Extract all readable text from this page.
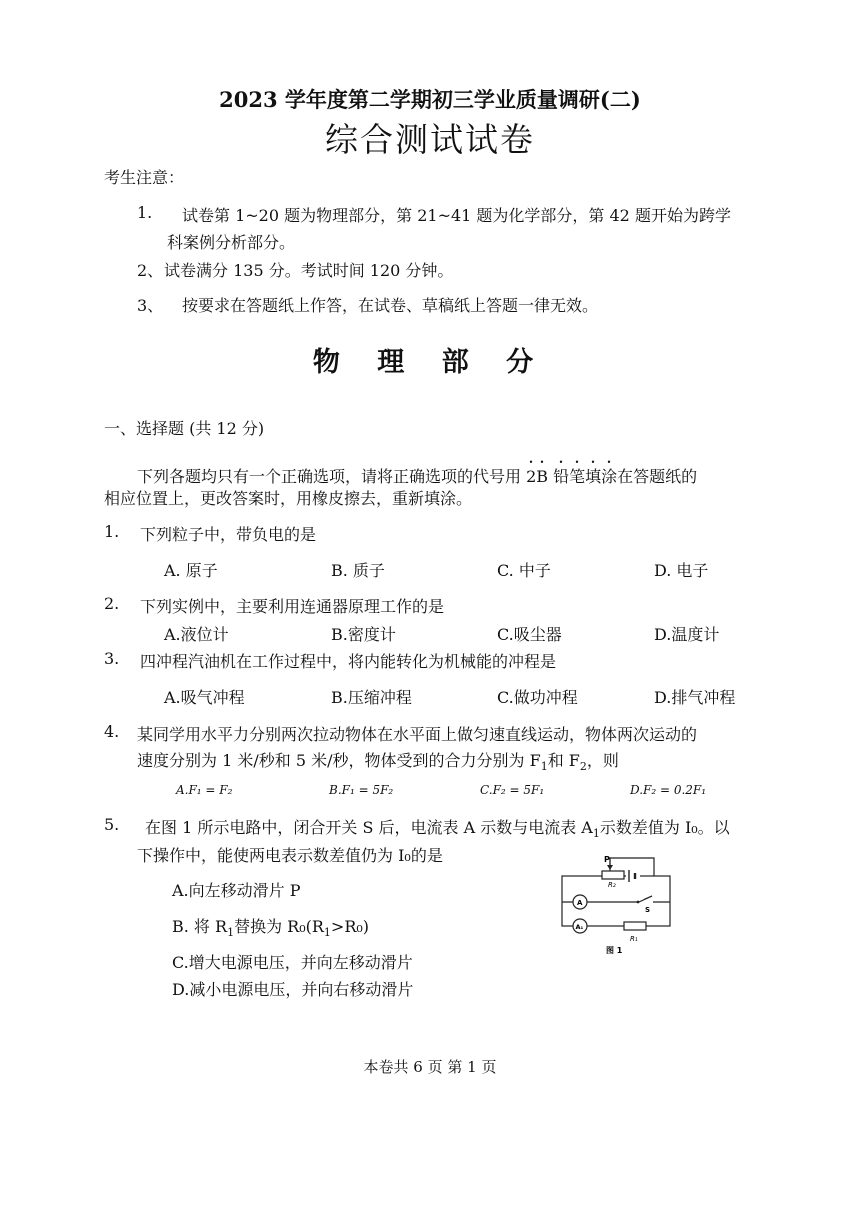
2023 学年度第二学期初三学业质量调研(二)
综合测试试卷
考生注意：
1. 试卷第 1~20 题为物理部分，第 21~41 题为化学部分，第 42 题开始为跨学
科案例分析部分。
2、 试卷满分 135 分。考试时间 120 分钟。
3、 按要求在答题纸上作答，在试卷、草稿纸上答题一律无效。
物 理 部 分
一、选择题 (共 12 分)
下列各题均只有一个正确选项，请将正确选项的代号用 2B 铅笔填涂在答题纸的
相应位置上，更改答案时，用橡皮擦去，重新填涂。
1. 下列粒子中，带负电的是
A. 原子	B. 质子	C. 中子	D. 电子
2. 下列实例中，主要利用连通器原理工作的是
A.液位计	B.密度计	C.吸尘器	D.温度计
3. 四冲程汽油机在工作过程中，将内能转化为机械能的冲程是
A.吸气冲程	B.压缩冲程	C.做功冲程	D.排气冲程
4. 某同学用水平力分别两次拉动物体在水平面上做匀速直线运动，物体两次运动的
速度分别为 1 米/秒和 5 米/秒，物体受到的合力分别为 $F_1$和 $F_2$，则
A.F₁ = F₂	B.F₁ = 5F₂	C.F₂ = 5F₁	D.F₂ = 0.2F₁
5. 在图 1 所示电路中，闭合开关 S 后，电流表 A 示数与电流表 $A_1$示数差值为 I₀。以
下操作中，能使两电表示数差值仍为 I₀的是
A.向左移动滑片 P
B. 将 $R_1$替换为 $R_0(R_1>R_0)$
C.增大电源电压，并向左移动滑片
D.减小电源电压，并向右移动滑片
P
R₂
S
A
A₁
R₁
图 1
本卷共 6 页 第 1 页
